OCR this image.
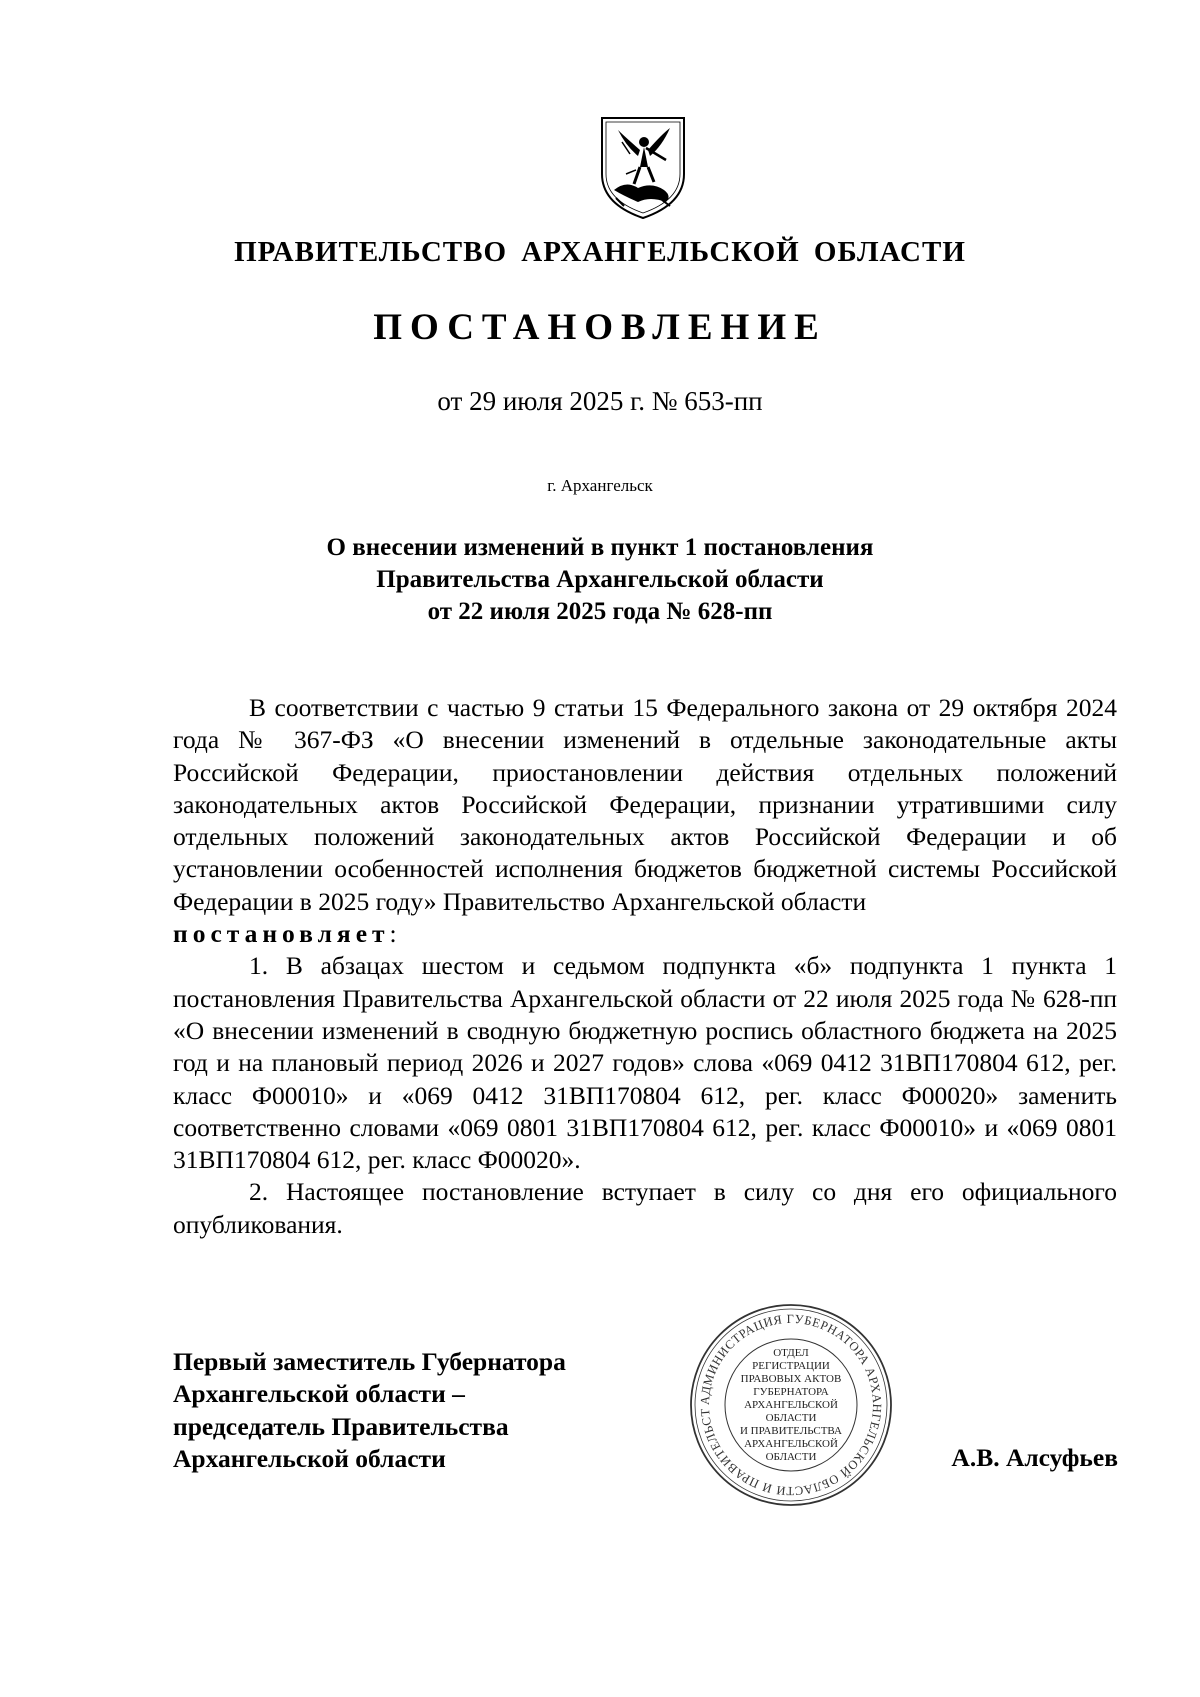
ПРАВИТЕЛЬСТВО АРХАНГЕЛЬСКОЙ ОБЛАСТИ
ПОСТАНОВЛЕНИЕ
от 29 июля 2025 г. № 653-пп
г. Архангельск
О внесении изменений в пункт 1 постановления
Правительства Архангельской области
от 22 июля 2025 года № 628-пп

В соответствии с частью 9 статьи 15 Федерального закона от 29 октября 2024 года № 367-ФЗ «О внесении изменений в отдельные законодательные акты Российской Федерации, приостановлении действия отдельных положений законодательных актов Российской Федерации, признании утратившими силу отдельных положений законодательных актов Российской Федерации и об установлении особенностей исполнения бюджетов бюджетной системы Российской Федерации в 2025 году» Правительство Архангельской области

постановляет:

1. В абзацах шестом и седьмом подпункта «б» подпункта 1 пункта 1 постановления Правительства Архангельской области от 22 июля 2025 года № 628-пп «О внесении изменений в сводную бюджетную роспись областного бюджета на 2025 год и на плановый период 2026 и 2027 годов» слова «069 0412 31ВП170804 612, рег. класс Ф00010» и «069 0412 31ВП170804 612, рег. класс Ф00020» заменить соответственно словами «069 0801 31ВП170804 612, рег. класс Ф00010» и «069 0801 31ВП170804 612, рег. класс Ф00020».

2. Настоящее постановление вступает в силу со дня его официального опубликования.

Первый заместитель Губернатора
Архангельской области –
председатель Правительства
Архангельской области
АДМИНИСТРАЦИЯ ГУБЕРНАТОРА АРХАНГЕЛЬСКОЙ ОБЛАСТИ И ПРАВИТЕЛЬСТ
ОТДЕЛ
РЕГИСТРАЦИИ
ПРАВОВЫХ АКТОВ
ГУБЕРНАТОРА
АРХАНГЕЛЬСКОЙ
ОБЛАСТИ
И ПРАВИТЕЛЬСТВА
АРХАНГЕЛЬСКОЙ
ОБЛАСТИ	А.В. Алсуфьев
